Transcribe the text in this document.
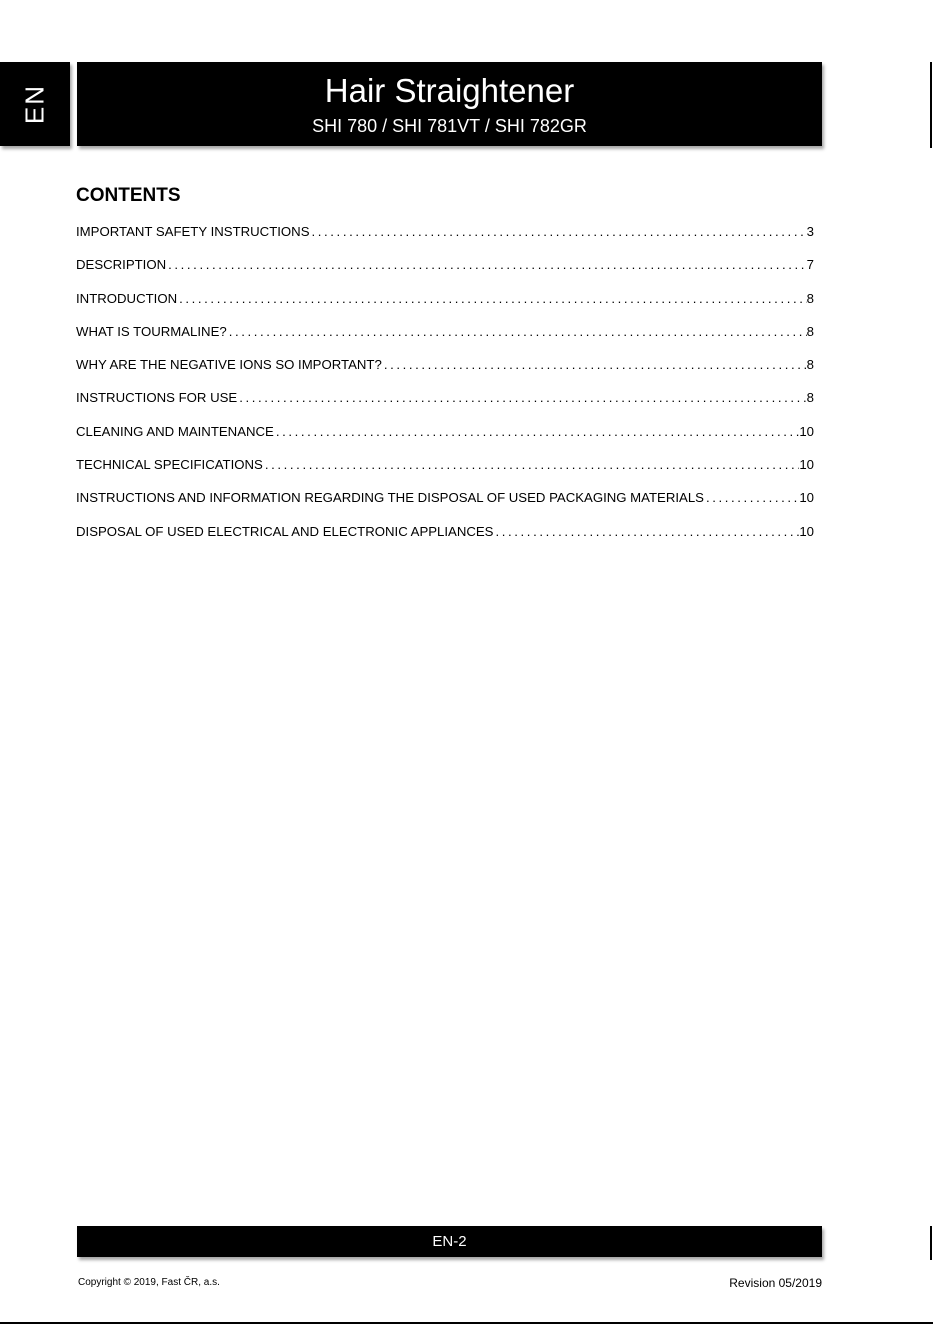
EN	Hair Straightener
SHI 780 / SHI 781VT / SHI 782GR
CONTENTS
IMPORTANT SAFETY INSTRUCTIONS .....	3
DESCRIPTION .....	7
INTRODUCTION .....	8
WHAT IS TOURMALINE? .....	8
WHY ARE THE NEGATIVE IONS SO IMPORTANT? .....	8
INSTRUCTIONS FOR USE .....	8
CLEANING AND MAINTENANCE .....	10
TECHNICAL SPECIFICATIONS .....	10
INSTRUCTIONS AND INFORMATION REGARDING THE DISPOSAL OF USED PACKAGING MATERIALS .....	10
DISPOSAL OF USED ELECTRICAL AND ELECTRONIC APPLIANCES .....	10
EN-2
Copyright © 2019, Fast ČR, a.s.	Revision 05/2019
